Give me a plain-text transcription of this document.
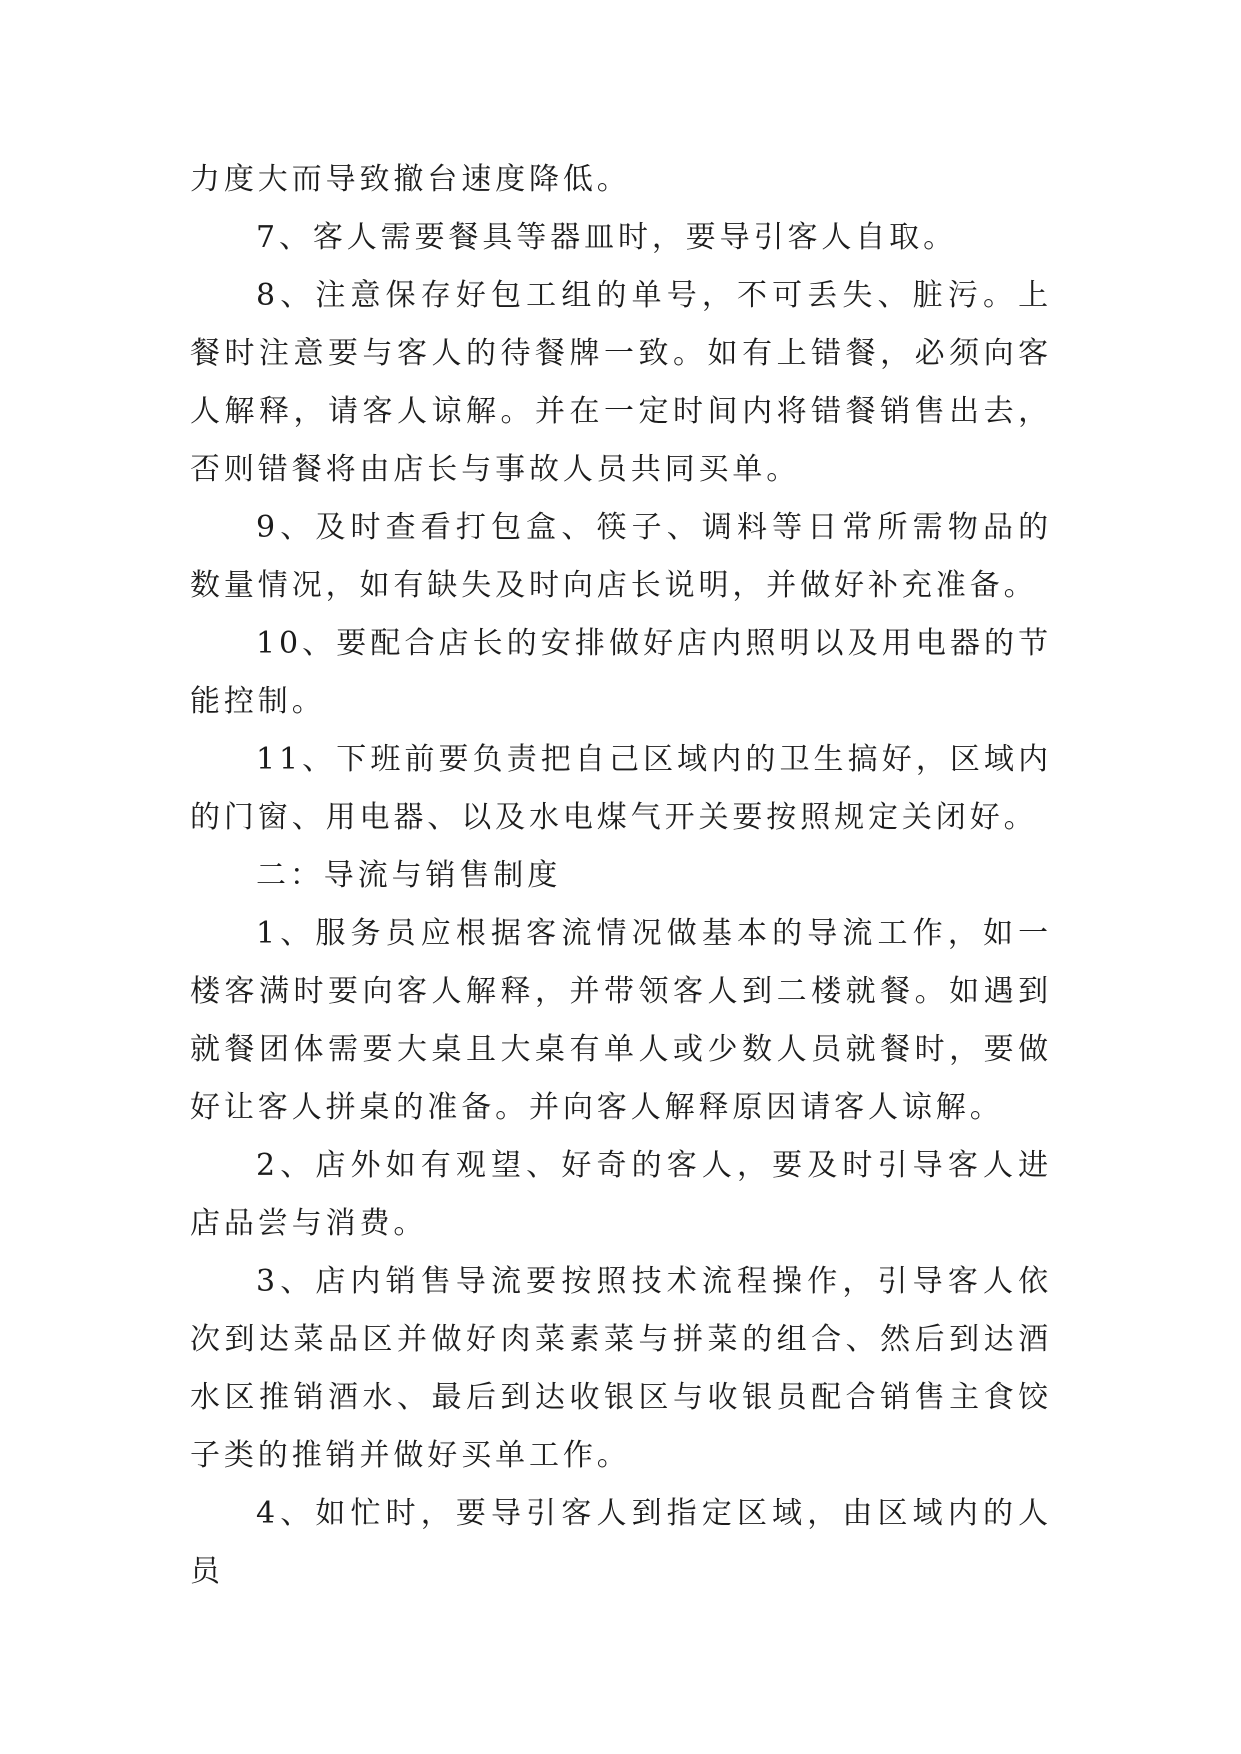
力度大而导致撤台速度降低。

7、客人需要餐具等器皿时，要导引客人自取。

8、注意保存好包工组的单号，不可丢失、脏污。上餐时注意要与客人的待餐牌一致。如有上错餐，必须向客人解释，请客人谅解。并在一定时间内将错餐销售出去，否则错餐将由店长与事故人员共同买单。

9、及时查看打包盒、筷子、调料等日常所需物品的数量情况，如有缺失及时向店长说明，并做好补充准备。

10、要配合店长的安排做好店内照明以及用电器的节能控制。

11、下班前要负责把自己区域内的卫生搞好，区域内的门窗、用电器、以及水电煤气开关要按照规定关闭好。

二：导流与销售制度

1、服务员应根据客流情况做基本的导流工作，如一楼客满时要向客人解释，并带领客人到二楼就餐。如遇到就餐团体需要大桌且大桌有单人或少数人员就餐时，要做好让客人拼桌的准备。并向客人解释原因请客人谅解。

2、店外如有观望、好奇的客人，要及时引导客人进店品尝与消费。

3、店内销售导流要按照技术流程操作，引导客人依次到达菜品区并做好肉菜素菜与拼菜的组合、然后到达酒水区推销酒水、最后到达收银区与收银员配合销售主食饺子类的推销并做好买单工作。

4、如忙时，要导引客人到指定区域，由区域内的人员
